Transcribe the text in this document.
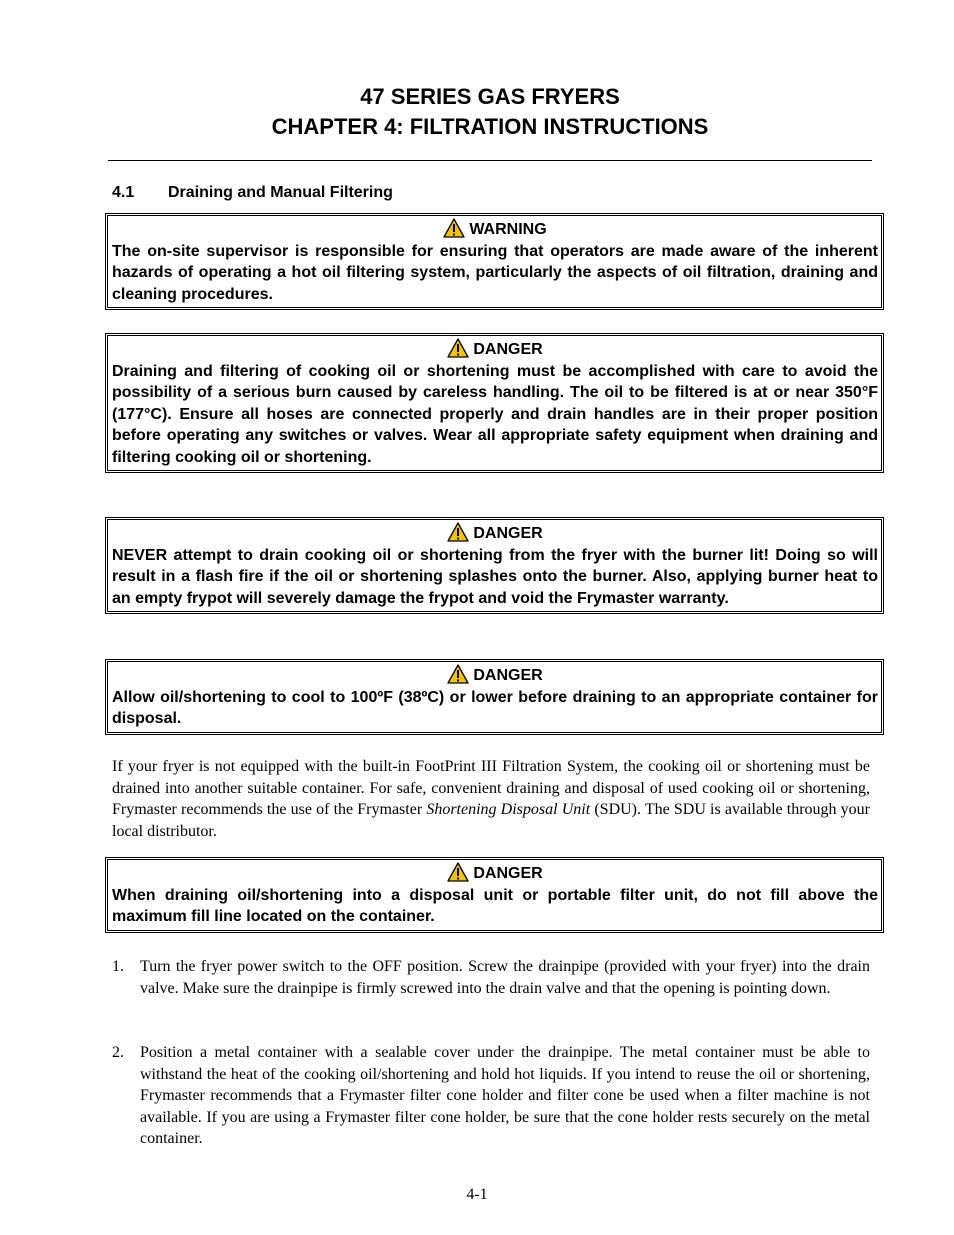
47 SERIES GAS FRYERS
CHAPTER 4: FILTRATION INSTRUCTIONS
4.1 Draining and Manual Filtering
WARNING
The on-site supervisor is responsible for ensuring that operators are made aware of the inherent hazards of operating a hot oil filtering system, particularly the aspects of oil filtration, draining and cleaning procedures.
DANGER
Draining and filtering of cooking oil or shortening must be accomplished with care to avoid the possibility of a serious burn caused by careless handling. The oil to be filtered is at or near 350°F (177°C). Ensure all hoses are connected properly and drain handles are in their proper position before operating any switches or valves. Wear all appropriate safety equipment when draining and filtering cooking oil or shortening.
DANGER
NEVER attempt to drain cooking oil or shortening from the fryer with the burner lit! Doing so will result in a flash fire if the oil or shortening splashes onto the burner. Also, applying burner heat to an empty frypot will severely damage the frypot and void the Frymaster warranty.
DANGER
Allow oil/shortening to cool to 100ºF (38ºC) or lower before draining to an appropriate container for disposal.
If your fryer is not equipped with the built-in FootPrint III Filtration System, the cooking oil or shortening must be drained into another suitable container. For safe, convenient draining and disposal of used cooking oil or shortening, Frymaster recommends the use of the Frymaster Shortening Disposal Unit (SDU). The SDU is available through your local distributor.
DANGER
When draining oil/shortening into a disposal unit or portable filter unit, do not fill above the maximum fill line located on the container.
1.	Turn the fryer power switch to the OFF position. Screw the drainpipe (provided with your fryer) into the drain valve. Make sure the drainpipe is firmly screwed into the drain valve and that the opening is pointing down.
2.	Position a metal container with a sealable cover under the drainpipe. The metal container must be able to withstand the heat of the cooking oil/shortening and hold hot liquids. If you intend to reuse the oil or shortening, Frymaster recommends that a Frymaster filter cone holder and filter cone be used when a filter machine is not available. If you are using a Frymaster filter cone holder, be sure that the cone holder rests securely on the metal container.
4-1
